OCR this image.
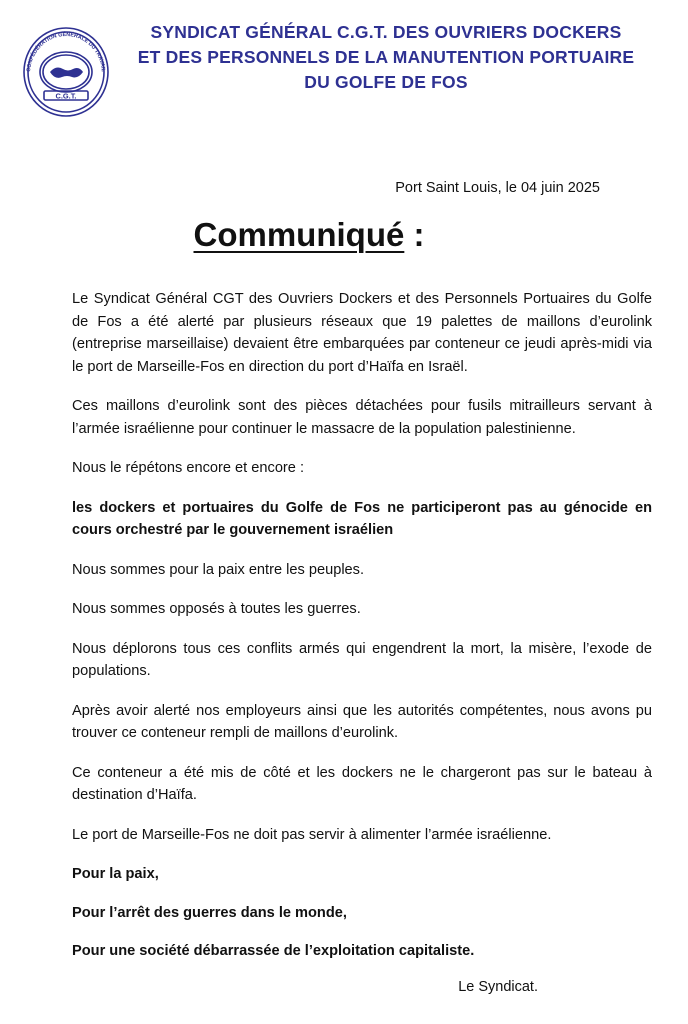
C.G.T.
CONFÉDÉRATION GÉNÉRALE DU TRAVAIL
SYNDICAT GÉNÉRAL C.G.T. DES OUVRIERS DOCKERS
ET DES PERSONNELS DE LA MANUTENTION PORTUAIRE
DU GOLFE DE FOS
Port Saint Louis, le 04 juin 2025
Communiqué :

Le Syndicat Général CGT des Ouvriers Dockers et des Personnels Portuaires du Golfe de Fos a été alerté par plusieurs réseaux que 19 palettes de maillons d’eurolink (entreprise marseillaise) devaient être embarquées par conteneur ce jeudi après-midi via le port de Marseille-Fos en direction du port d’Haïfa en Israël.

Ces maillons d’eurolink sont des pièces détachées pour fusils mitrailleurs servant à l’armée israélienne pour continuer le massacre de la population palestinienne.

Nous le répétons encore et encore :

les dockers et portuaires du Golfe de Fos ne participeront pas au génocide en cours orchestré par le gouvernement israélien

Nous sommes pour la paix entre les peuples.

Nous sommes opposés à toutes les guerres.

Nous déplorons tous ces conflits armés qui engendrent la mort, la misère, l’exode de populations.

Après avoir alerté nos employeurs ainsi que les autorités compétentes, nous avons pu trouver ce conteneur rempli de maillons d’eurolink.

Ce conteneur a été mis de côté et les dockers ne le chargeront pas sur le bateau à destination d’Haïfa.

Le port de Marseille-Fos ne doit pas servir à alimenter l’armée israélienne.

Pour la paix,

Pour l’arrêt des guerres dans le monde,

Pour une société débarrassée de l’exploitation capitaliste.

Le Syndicat.
